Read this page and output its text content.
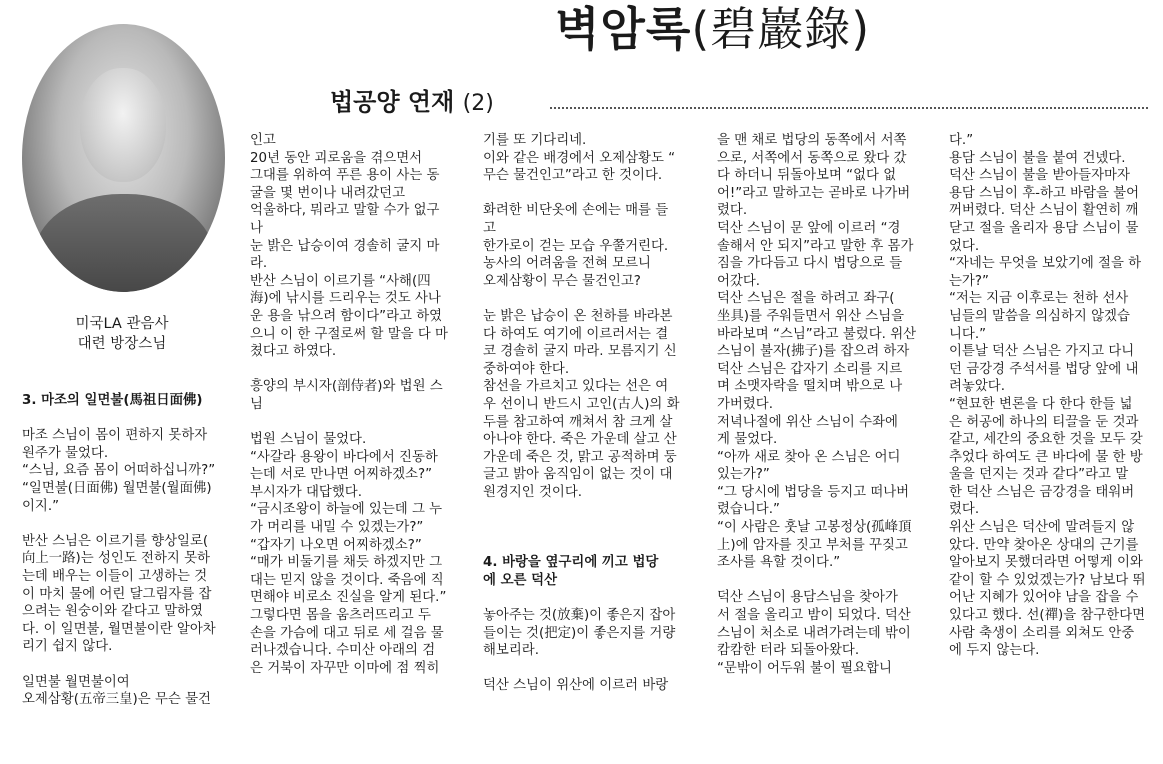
벽암록(碧巖錄)
법공양 연재 (2)
미국LA 관음사
대련 방장스님

3. 마조의 일면불(馬祖日面佛)

마조 스님이 몸이 편하지 못하자

원주가 물었다.

“스님, 요즘 몸이 어떠하십니까?”

“일면불(日面佛) 월면불(월面佛)

이지.”

반산 스님은 이르기를 향상일로(

向上一路)는 성인도 전하지 못하

는데 배우는 이들이 고생하는 것

이 마치 물에 어린 달그림자를 잡

으려는 원숭이와 같다고 말하였

다. 이 일면불, 월면불이란 알아차

리기 쉽지 않다.

일면불 월면불이여

오제삼황(五帝三皇)은 무슨 물건

인고

20년 동안 괴로움을 겪으면서

그대를 위하여 푸른 용이 사는 동

굴을 몇 번이나 내려갔던고

억울하다, 뭐라고 말할 수가 없구

나

눈 밝은 납승이여 경솔히 굴지 마

라.

반산 스님이 이르기를 “사해(四

海)에 낚시를 드리우는 것도 사나

운 용을 낚으려 함이다”라고 하였

으니 이 한 구절로써 할 말을 다 마

쳤다고 하였다.

흥양의 부시자(剖侍者)와 법원 스

님

법원 스님이 물었다.

“사갈라 용왕이 바다에서 진동하

는데 서로 만나면 어찌하겠소?”

부시자가 대답했다.

“금시조왕이 하늘에 있는데 그 누

가 머리를 내밀 수 있겠는가?”

“갑자기 나오면 어찌하겠소?”

“매가 비둘기를 채듯 하겠지만 그

대는 믿지 않을 것이다. 죽음에 직

면해야 비로소 진실을 알게 된다.”

그렇다면 몸을 움츠러뜨리고 두

손을 가슴에 대고 뒤로 세 걸음 물

러나겠습니다. 수미산 아래의 검

은 거북이 자꾸만 이마에 점 찍히

기를 또 기다리네.

이와 같은 배경에서 오제삼황도 “

무슨 물건인고”라고 한 것이다.

화려한 비단옷에 손에는 매를 들

고

한가로이 걷는 모습 우쭐거린다.

농사의 어려움을 전혀 모르니

오제삼황이 무슨 물건인고?

눈 밝은 납승이 온 천하를 바라본

다 하여도 여기에 이르러서는 결

코 경솔히 굴지 마라. 모름지기 신

중하여야 한다.

참선을 가르치고 있다는 선은 여

우 선이니 반드시 고인(古人)의 화

두를 참고하여 깨쳐서 참 크게 살

아나야 한다. 죽은 가운데 살고 산

가운데 죽은 것, 맑고 공적하며 둥

글고 밝아 움직임이 없는 것이 대

원경지인 것이다.

4. 바랑을 옆구리에 끼고 법당

에 오른 덕산

놓아주는 것(放棄)이 좋은지 잡아

들이는 것(把定)이 좋은지를 거량

해보리라.

덕산 스님이 위산에 이르러 바랑

을 맨 채로 법당의 동쪽에서 서쪽

으로, 서쪽에서 동쪽으로 왔다 갔

다 하더니 뒤돌아보며 “없다 없

어!”라고 말하고는 곧바로 나가버

렸다.

덕산 스님이 문 앞에 이르러 “경

솔해서 안 되지”라고 말한 후 몸가

짐을 가다듬고 다시 법당으로 들

어갔다.

덕산 스님은 절을 하려고 좌구(

坐具)를 주워들면서 위산 스님을

바라보며 “스님”라고 불렀다. 위산

스님이 불자(拂子)를 잡으려 하자

덕산 스님은 갑자기 소리를 지르

며 소맷자락을 떨치며 밖으로 나

가버렸다.

저녁나절에 위산 스님이 수좌에

게 물었다.

“아까 새로 찾아 온 스님은 어디

있는가?”

“그 당시에 법당을 등지고 떠나버

렸습니다.”

“이 사람은 훗날 고봉정상(孤峰頂

上)에 암자를 짓고 부처를 꾸짖고

조사를 욕할 것이다.”

덕산 스님이 용담스님을 찾아가

서 절을 올리고 밤이 되었다. 덕산

스님이 처소로 내려가려는데 밖이

캄캄한 터라 되돌아왔다.

“문밖이 어두워 불이 필요합니

다.”

용담 스님이 불을 붙여 건넸다.

덕산 스님이 불을 받아들자마자

용담 스님이 후-하고 바람을 불어

꺼버렸다. 덕산 스님이 활연히 깨

닫고 절을 올리자 용담 스님이 물

었다.

“자네는 무엇을 보았기에 절을 하

는가?”

“저는 지금 이후로는 천하 선사

님들의 말씀을 의심하지 않겠습

니다.”

이튿날 덕산 스님은 가지고 다니

던 금강경 주석서를 법당 앞에 내

려놓았다.

“현묘한 변론을 다 한다 한들 넓

은 허공에 하나의 티끌을 둔 것과

같고, 세간의 중요한 것을 모두 갖

추었다 하여도 큰 바다에 물 한 방

울을 던지는 것과 같다”라고 말

한 덕산 스님은 금강경을 태워버

렸다.

위산 스님은 덕산에 말려들지 않

았다. 만약 찾아온 상대의 근기를

알아보지 못했더라면 어떻게 이와

같이 할 수 있었겠는가? 남보다 뛰

어난 지혜가 있어야 남을 잡을 수

있다고 했다. 선(禪)을 참구한다면

사람 축생이 소리를 외쳐도 안중

에 두지 않는다.
